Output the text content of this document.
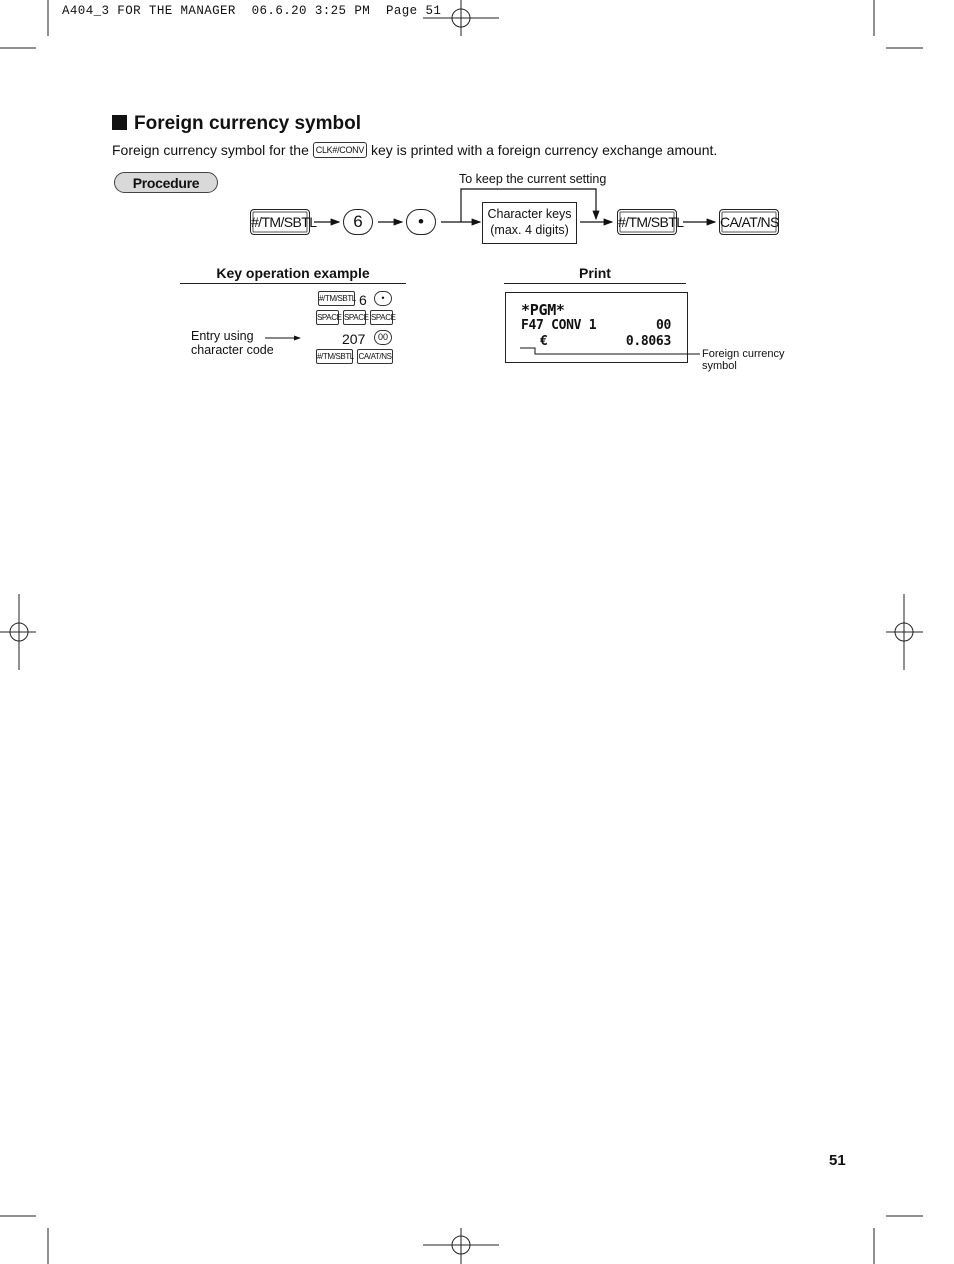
A404_3 FOR THE MANAGER  06.6.20 3:25 PM  Page 51
Foreign currency symbol
Foreign currency symbol for the CLK#/CONV key is printed with a foreign currency exchange amount.
Procedure	To keep the current setting
#/TM/SBTL	6	•	Character keys
(max. 4 digits)	#/TM/SBTL	CA/AT/NS
Key operation example
#/TM/SBTL 6	•
SPACE SPACE SPACE
207	00
#/TM/SBTL CA/AT/NS
Entry using
character code
Print
*PGM*
F47 CONV 1	00
€	0.8063
Foreign currency
symbol
51
